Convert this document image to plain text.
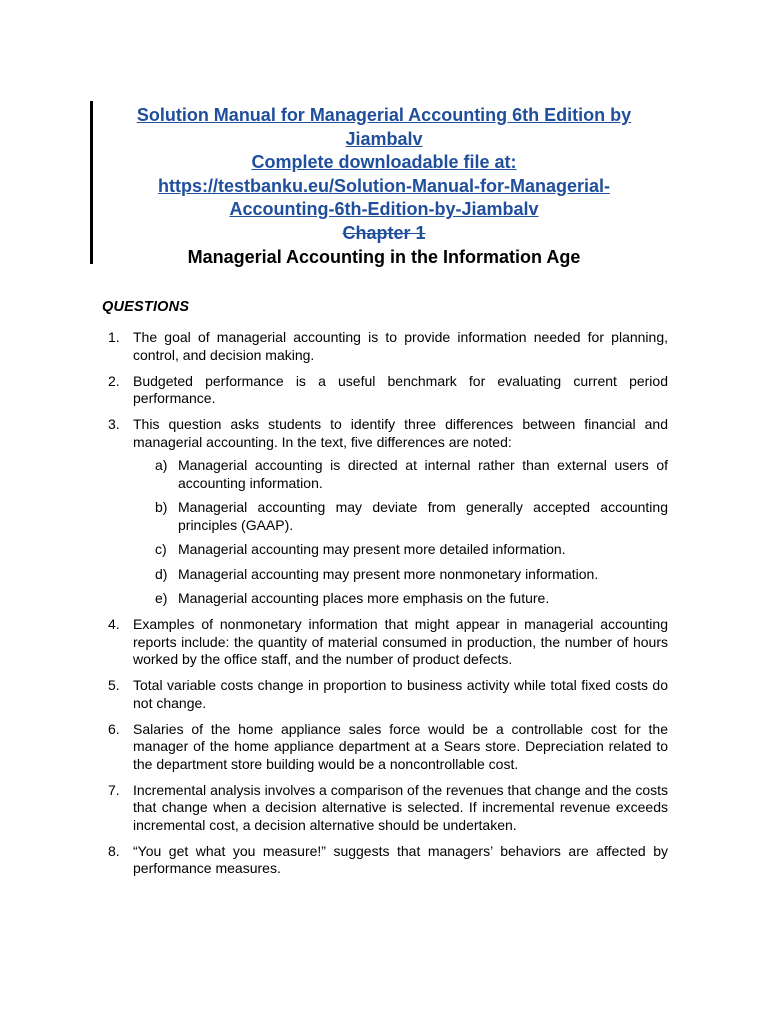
Solution Manual for Managerial Accounting 6th Edition by
Jiambalv
Complete downloadable file at:
https://testbanku.eu/Solution-Manual-for-Managerial-
Accounting-6th-Edition-by-Jiambalv
Chapter 1
Managerial Accounting in the Information Age
QUESTIONS
1. The goal of managerial accounting is to provide information needed for planning, control, and decision making.
2. Budgeted performance is a useful benchmark for evaluating current period performance.
3. This question asks students to identify three differences between financial and managerial accounting. In the text, five differences are noted:
a) Managerial accounting is directed at internal rather than external users of accounting information.
b) Managerial accounting may deviate from generally accepted accounting principles (GAAP).
c) Managerial accounting may present more detailed information.
d) Managerial accounting may present more nonmonetary information.
e) Managerial accounting places more emphasis on the future.
4. Examples of nonmonetary information that might appear in managerial accounting reports include: the quantity of material consumed in production, the number of hours worked by the office staff, and the number of product defects.
5. Total variable costs change in proportion to business activity while total fixed costs do not change.
6. Salaries of the home appliance sales force would be a controllable cost for the manager of the home appliance department at a Sears store. Depreciation related to the department store building would be a noncontrollable cost.
7. Incremental analysis involves a comparison of the revenues that change and the costs that change when a decision alternative is selected. If incremental revenue exceeds incremental cost, a decision alternative should be undertaken.
8. “You get what you measure!” suggests that managers’ behaviors are affected by performance measures.
